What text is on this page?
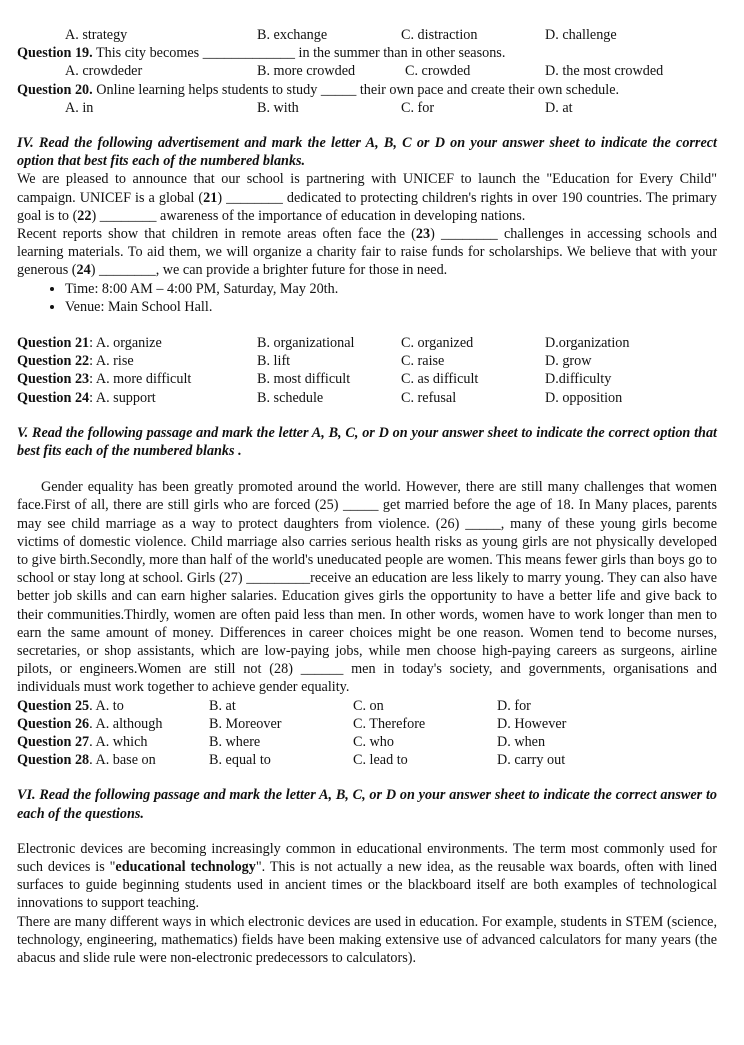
A. strategy	B. exchange	C. distraction	D. challenge
Question 19. This city becomes _____________ in the summer than in other seasons.
A. crowdeder	B. more crowded	C. crowded	D. the most crowded
Question 20. Online learning helps students to study _____ their own pace and create their own schedule.
A. in	B. with	C. for	D. at
IV. Read the following advertisement and mark the letter A, B, C or D on your answer sheet to indicate the correct option that best fits each of the numbered blanks.
We are pleased to announce that our school is partnering with UNICEF to launch the "Education for Every Child" campaign. UNICEF is a global (21) ________ dedicated to protecting children's rights in over 190 countries. The primary goal is to (22) ________ awareness of the importance of education in developing nations.
Recent reports show that children in remote areas often face the (23) ________ challenges in accessing schools and learning materials. To aid them, we will organize a charity fair to raise funds for scholarships. We believe that with your generous (24) ________, we can provide a brighter future for those in need.
• Time: 8:00 AM – 4:00 PM, Saturday, May 20th.
• Venue: Main School Hall.
Question 21 : A. organize	B. organizational	C. organized	D.organization
Question 22 : A. rise	B. lift	C. raise	D. grow
Question 23 : A. more difficult	B. most difficult	C. as difficult	D.difficulty
Question 24 : A. support	B. schedule	C. refusal	D. opposition
V. Read the following passage and mark the letter A, B, C, or D on your answer sheet to indicate the correct option that best fits each of the numbered blanks .
Gender equality has been greatly promoted around the world. However, there are still many challenges that women face.First of all, there are still girls who are forced (25) _____ get married before the age of 18. In Many places, parents may see child marriage as a way to protect daughters from violence. (26) _____, many of these young girls become victims of domestic violence. Child marriage also carries serious health risks as young girls are not physically developed to give birth.Secondly, more than half of the world's uneducated people are women. This means fewer girls than boys go to school or stay long at school. Girls (27) _________receive an education are less likely to marry young. They can also have better job skills and can earn higher salaries. Education gives girls the opportunity to have a better life and give back to their communities.Thirdly, women are often paid less than men. In other words, women have to work longer than men to earn the same amount of money. Differences in career choices might be one reason. Women tend to become nurses, secretaries, or shop assistants, which are low-paying jobs, while men choose high-paying careers as surgeons, airline pilots, or engineers.Women are still not (28) ______ men in today's society, and governments, organisations and individuals must work together to achieve gender equality.
Question 25 . A. to	B. at	C. on	D. for
Question 26 . A. although	B. Moreover	C. Therefore	D. However
Question 27 . A. which	B. where	C. who	D. when
Question 28 . A. base on	B. equal to	C. lead to	D. carry out
VI. Read the following passage and mark the letter A, B, C, or D on your answer sheet to indicate the correct answer to each of the questions.
Electronic devices are becoming increasingly common in educational environments. The term most commonly used for such devices is "educational technology". This is not actually a new idea, as the reusable wax boards, often with lined surfaces to guide beginning students used in ancient times or the blackboard itself are both examples of technological innovations to support teaching.
There are many different ways in which electronic devices are used in education. For example, students in STEM (science, technology, engineering, mathematics) fields have been making extensive use of advanced calculators for many years (the abacus and slide rule were non-electronic predecessors to calculators).
